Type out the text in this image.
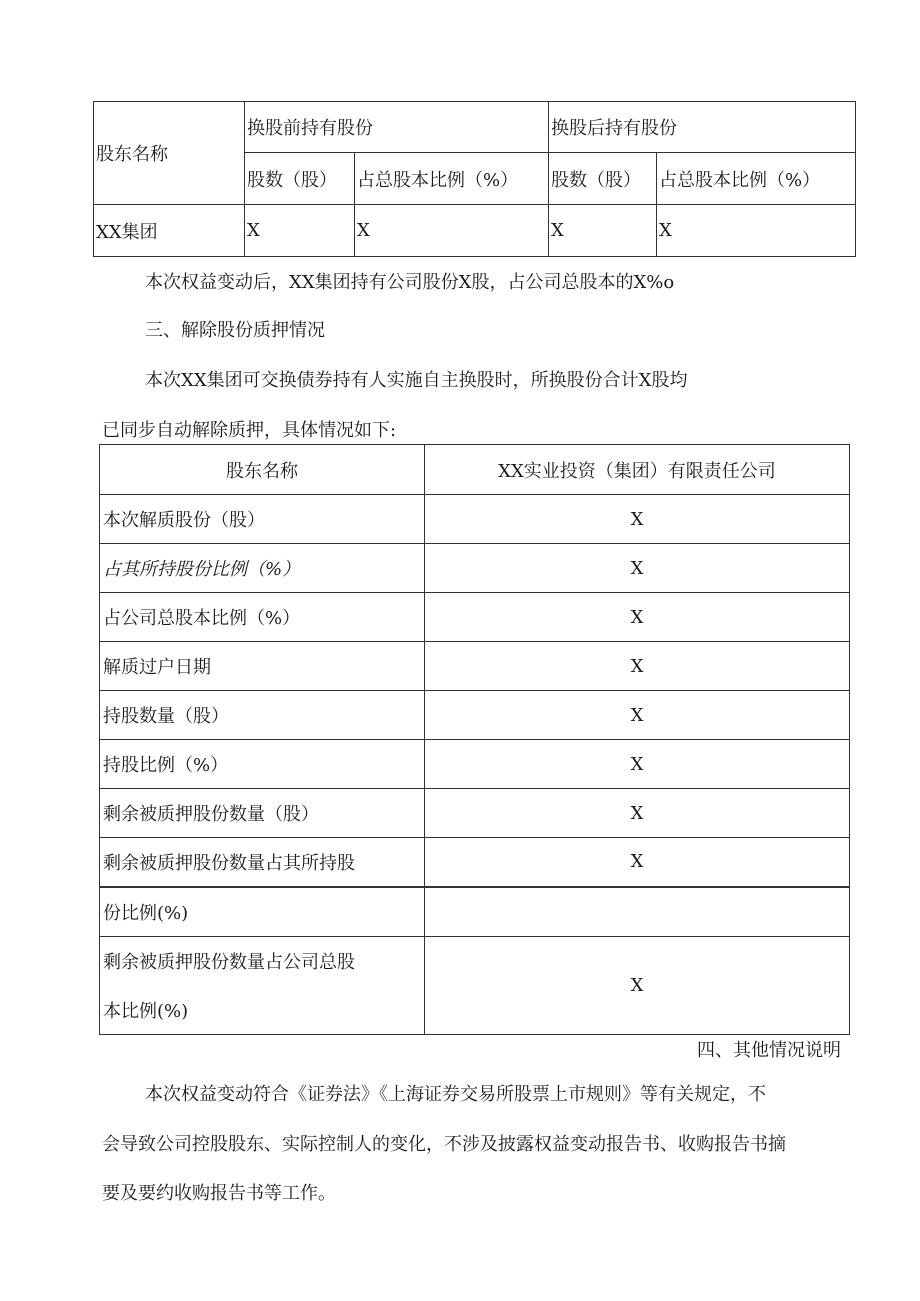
股东名称	换股前持有股份		换股后持有股份	
	股数（股）	占总股本比例（%）	股数（股）	占总股本比例（%）
XX集团	X	X	X	X
本次权益变动后，XX集团持有公司股份X股，占公司总股本的X%o
三、解除股份质押情况
本次XX集团可交换债券持有人实施自主换股时，所换股份合计X股均
已同步自动解除质押，具体情况如下:
股东名称	XX实业投资（集团）有限责任公司
本次解质股份（股）	X
占其所持股份比例（%）	X
占公司总股本比例（%）	X
解质过户日期	X
持股数量（股）	X
持股比例（%）	X
剩余被质押股份数量（股）	X
剩余被质押股份数量占其所持股	X
份比例(%)	
剩余被质押股份数量占公司总股	X
本比例(%)	
四、其他情况说明
本次权益变动符合《证券法》《上海证券交易所股票上市规则》等有关规定，不
会导致公司控股股东、实际控制人的变化，不涉及披露权益变动报告书、收购报告书摘
要及要约收购报告书等工作。
